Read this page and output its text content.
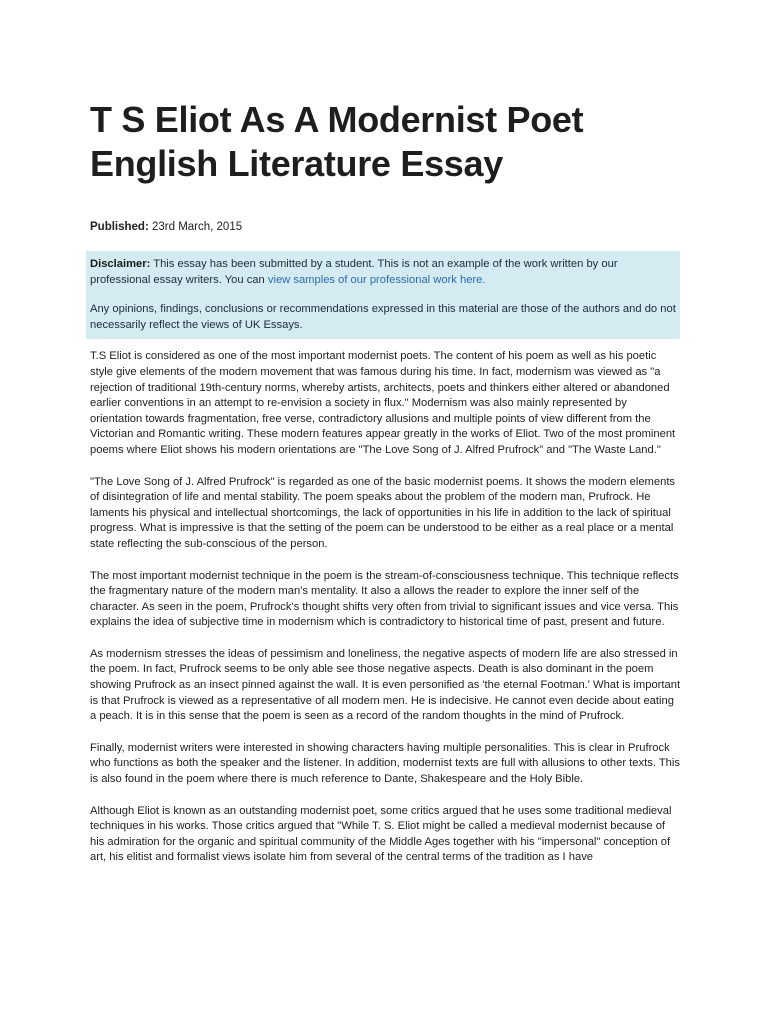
T S Eliot As A Modernist Poet English Literature Essay
Published: 23rd March, 2015

Disclaimer: This essay has been submitted by a student. This is not an example of the work written by our professional essay writers. You can view samples of our professional work here.

Any opinions, findings, conclusions or recommendations expressed in this material are those of the authors and do not necessarily reflect the views of UK Essays.

T.S Eliot is considered as one of the most important modernist poets. The content of his poem as well as his poetic style give elements of the modern movement that was famous during his time. In fact, modernism was viewed as "a rejection of traditional 19th-century norms, whereby artists, architects, poets and thinkers either altered or abandoned earlier conventions in an attempt to re-envision a society in flux." Modernism was also mainly represented by orientation towards fragmentation, free verse, contradictory allusions and multiple points of view different from the Victorian and Romantic writing. These modern features appear greatly in the works of Eliot. Two of the most prominent poems where Eliot shows his modern orientations are "The Love Song of J. Alfred Prufrock" and "The Waste Land."

"The Love Song of J. Alfred Prufrock" is regarded as one of the basic modernist poems. It shows the modern elements of disintegration of life and mental stability. The poem speaks about the problem of the modern man, Prufrock. He laments his physical and intellectual shortcomings, the lack of opportunities in his life in addition to the lack of spiritual progress. What is impressive is that the setting of the poem can be understood to be either as a real place or a mental state reflecting the sub-conscious of the person.

The most important modernist technique in the poem is the stream-of-consciousness technique. This technique reflects the fragmentary nature of the modern man's mentality. It also a allows the reader to explore the inner self of the character. As seen in the poem, Prufrock's thought shifts very often from trivial to significant issues and vice versa. This explains the idea of subjective time in modernism which is contradictory to historical time of past, present and future.

As modernism stresses the ideas of pessimism and loneliness, the negative aspects of modern life are also stressed in the poem. In fact, Prufrock seems to be only able see those negative aspects. Death is also dominant in the poem showing Prufrock as an insect pinned against the wall. It is even personified as 'the eternal Footman.' What is important is that Prufrock is viewed as a representative of all modern men. He is indecisive. He cannot even decide about eating a peach. It is in this sense that the poem is seen as a record of the random thoughts in the mind of Prufrock.

Finally, modernist writers were interested in showing characters having multiple personalities. This is clear in Prufrock who functions as both the speaker and the listener. In addition, modernist texts are full with allusions to other texts. This is also found in the poem where there is much reference to Dante, Shakespeare and the Holy Bible.

Although Eliot is known as an outstanding modernist poet, some critics argued that he uses some traditional medieval techniques in his works. Those critics argued that "While T. S. Eliot might be called a medieval modernist because of his admiration for the organic and spiritual community of the Middle Ages together with his "impersonal" conception of art, his elitist and formalist views isolate him from several of the central terms of the tradition as I have
